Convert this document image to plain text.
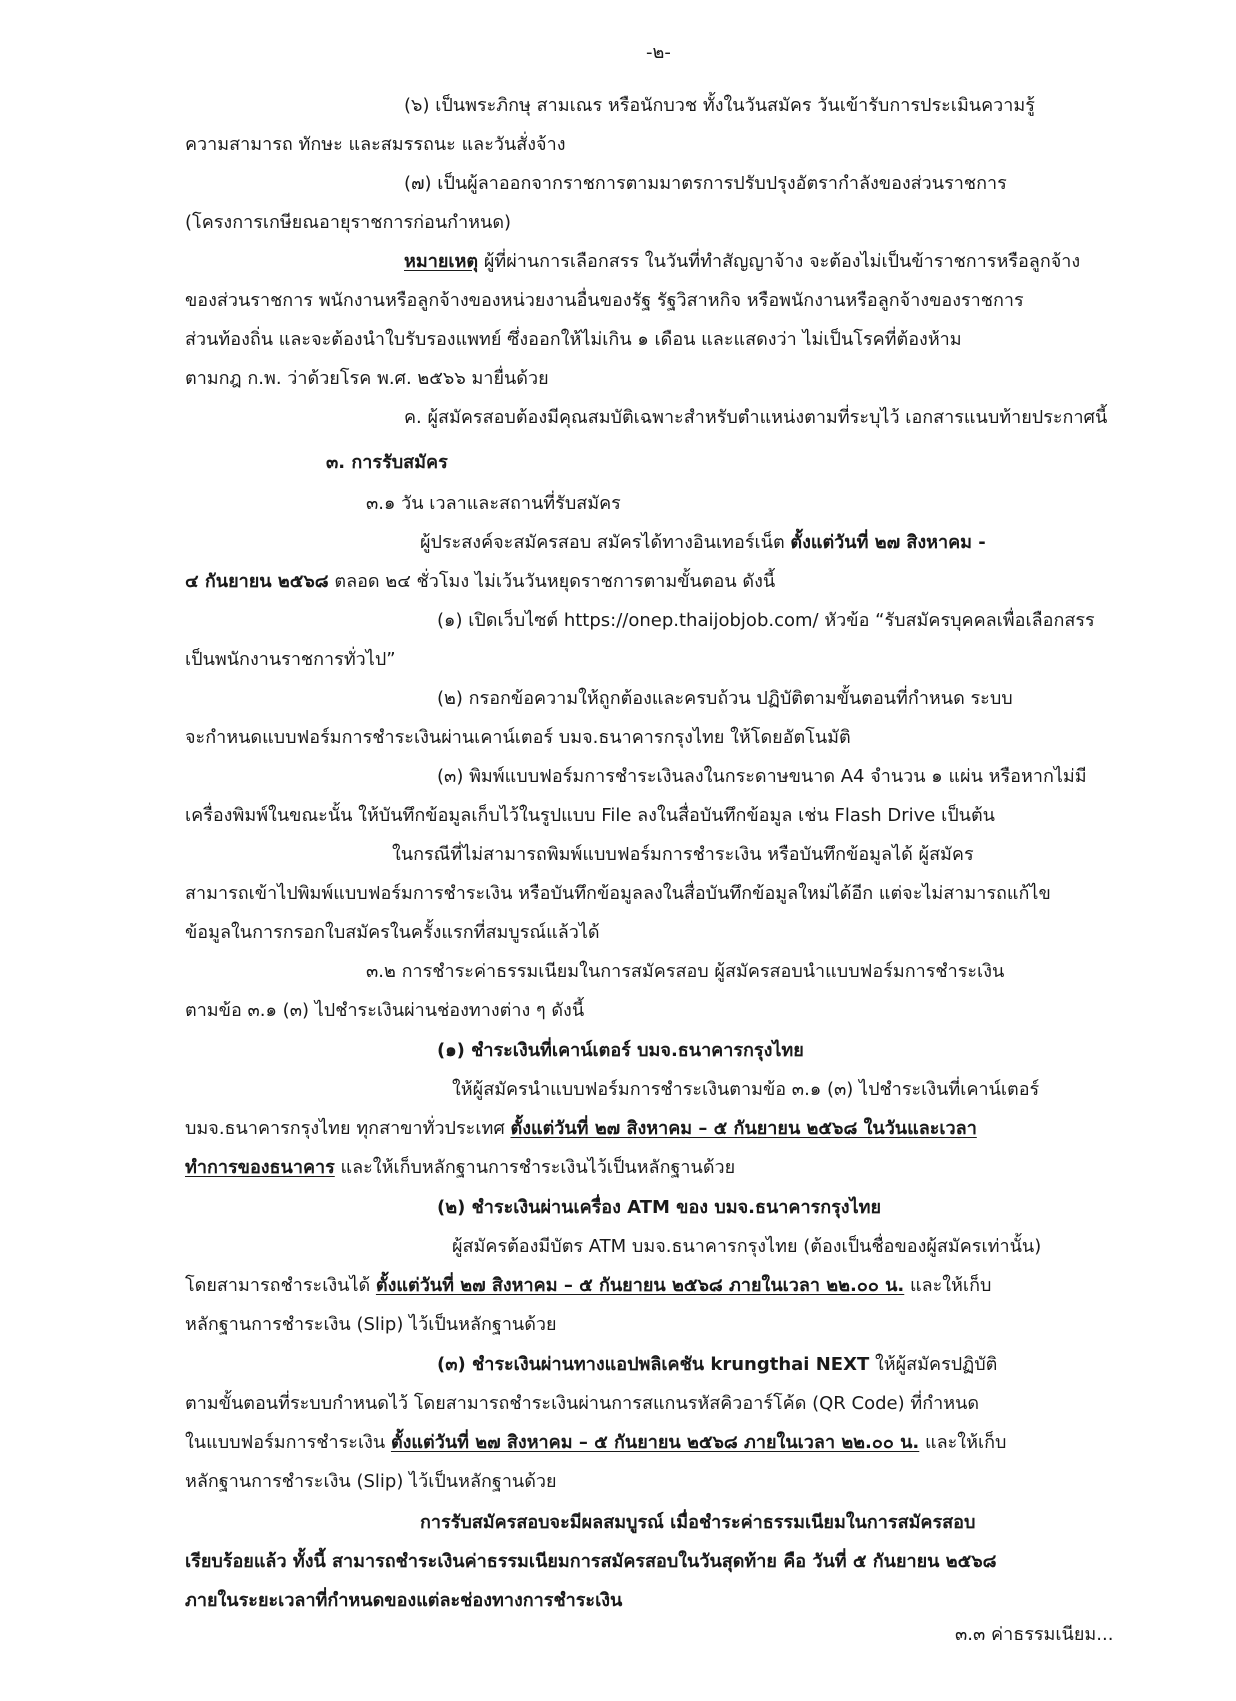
-๒-
(๖) เป็นพระภิกษุ สามเณร หรือนักบวช ทั้งในวันสมัคร วันเข้ารับการประเมินความรู้
ความสามารถ ทักษะ และสมรรถนะ และวันสั่งจ้าง
(๗) เป็นผู้ลาออกจากราชการตามมาตรการปรับปรุงอัตรากำลังของส่วนราชการ
(โครงการเกษียณอายุราชการก่อนกำหนด)
หมายเหตุ ผู้ที่ผ่านการเลือกสรร ในวันที่ทำสัญญาจ้าง จะต้องไม่เป็นข้าราชการหรือลูกจ้าง
ของส่วนราชการ พนักงานหรือลูกจ้างของหน่วยงานอื่นของรัฐ รัฐวิสาหกิจ หรือพนักงานหรือลูกจ้างของราชการ
ส่วนท้องถิ่น และจะต้องนำใบรับรองแพทย์ ซึ่งออกให้ไม่เกิน ๑ เดือน และแสดงว่า ไม่เป็นโรคที่ต้องห้าม
ตามกฎ ก.พ. ว่าด้วยโรค พ.ศ. ๒๕๖๖ มายื่นด้วย
ค. ผู้สมัครสอบต้องมีคุณสมบัติเฉพาะสำหรับตำแหน่งตามที่ระบุไว้ เอกสารแนบท้ายประกาศนี้
๓. การรับสมัคร
๓.๑ วัน เวลาและสถานที่รับสมัคร
ผู้ประสงค์จะสมัครสอบ สมัครได้ทางอินเทอร์เน็ต ตั้งแต่วันที่ ๒๗ สิงหาคม -
๔ กันยายน ๒๕๖๘ ตลอด ๒๔ ชั่วโมง ไม่เว้นวันหยุดราชการตามขั้นตอน ดังนี้
(๑) เปิดเว็บไซต์ https://onep.thaijobjob.com/ หัวข้อ “รับสมัครบุคคลเพื่อเลือกสรร
เป็นพนักงานราชการทั่วไป”
(๒) กรอกข้อความให้ถูกต้องและครบถ้วน ปฏิบัติตามขั้นตอนที่กำหนด ระบบ
จะกำหนดแบบฟอร์มการชำระเงินผ่านเคาน์เตอร์ บมจ.ธนาคารกรุงไทย ให้โดยอัตโนมัติ
(๓) พิมพ์แบบฟอร์มการชำระเงินลงในกระดาษขนาด A4 จำนวน ๑ แผ่น หรือหากไม่มี
เครื่องพิมพ์ในขณะนั้น ให้บันทึกข้อมูลเก็บไว้ในรูปแบบ File ลงในสื่อบันทึกข้อมูล เช่น Flash Drive เป็นต้น
ในกรณีที่ไม่สามารถพิมพ์แบบฟอร์มการชำระเงิน หรือบันทึกข้อมูลได้ ผู้สมัคร
สามารถเข้าไปพิมพ์แบบฟอร์มการชำระเงิน หรือบันทึกข้อมูลลงในสื่อบันทึกข้อมูลใหม่ได้อีก แต่จะไม่สามารถแก้ไข
ข้อมูลในการกรอกใบสมัครในครั้งแรกที่สมบูรณ์แล้วได้
๓.๒ การชำระค่าธรรมเนียมในการสมัครสอบ ผู้สมัครสอบนำแบบฟอร์มการชำระเงิน
ตามข้อ ๓.๑ (๓) ไปชำระเงินผ่านช่องทางต่าง ๆ ดังนี้
(๑) ชำระเงินที่เคาน์เตอร์ บมจ.ธนาคารกรุงไทย
ให้ผู้สมัครนำแบบฟอร์มการชำระเงินตามข้อ ๓.๑ (๓) ไปชำระเงินที่เคาน์เตอร์
บมจ.ธนาคารกรุงไทย ทุกสาขาทั่วประเทศ ตั้งแต่วันที่ ๒๗ สิงหาคม – ๕ กันยายน ๒๕๖๘ ในวันและเวลา
ทำการของธนาคาร และให้เก็บหลักฐานการชำระเงินไว้เป็นหลักฐานด้วย
(๒) ชำระเงินผ่านเครื่อง ATM ของ บมจ.ธนาคารกรุงไทย
ผู้สมัครต้องมีบัตร ATM บมจ.ธนาคารกรุงไทย (ต้องเป็นชื่อของผู้สมัครเท่านั้น)
โดยสามารถชำระเงินได้ ตั้งแต่วันที่ ๒๗ สิงหาคม – ๕ กันยายน ๒๕๖๘ ภายในเวลา ๒๒.๐๐ น. และให้เก็บ
หลักฐานการชำระเงิน (Slip) ไว้เป็นหลักฐานด้วย
(๓) ชำระเงินผ่านทางแอปพลิเคชัน krungthai NEXT ให้ผู้สมัครปฏิบัติ
ตามขั้นตอนที่ระบบกำหนดไว้ โดยสามารถชำระเงินผ่านการสแกนรหัสคิวอาร์โค้ด (QR Code) ที่กำหนด
ในแบบฟอร์มการชำระเงิน ตั้งแต่วันที่ ๒๗ สิงหาคม – ๕ กันยายน ๒๕๖๘ ภายในเวลา ๒๒.๐๐ น. และให้เก็บ
หลักฐานการชำระเงิน (Slip) ไว้เป็นหลักฐานด้วย
การรับสมัครสอบจะมีผลสมบูรณ์ เมื่อชำระค่าธรรมเนียมในการสมัครสอบ
เรียบร้อยแล้ว ทั้งนี้ สามารถชำระเงินค่าธรรมเนียมการสมัครสอบในวันสุดท้าย คือ วันที่ ๕ กันยายน ๒๕๖๘
ภายในระยะเวลาที่กำหนดของแต่ละช่องทางการชำระเงิน
๓.๓ ค่าธรรมเนียม...
